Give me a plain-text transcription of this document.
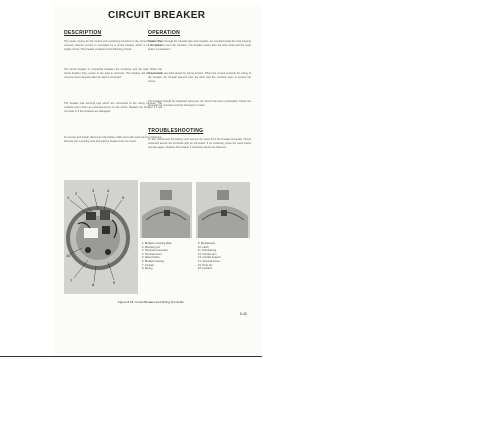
CIRCUIT BREAKER
DESCRIPTION

The power source for the control and monitoring functions is the circuit breaker. The recovery diverter current is controlled by a circuit breaker which is in the power supply circuit. The breaker contacts to the following circuits.

The circuit breaker is connected between the contactor and the load. When the circuit breaker trips, power to the load is removed. The breaker will trip open and must be reset manually after the fault is corrected.

The breaker has terminal lugs which are connected to the wiring harness. The contacts open when an overload occurs on the circuit. Replace the breaker if it will not reset or if the contacts are damaged.

To remove and install, disconnect the battery cable and mark each wire for reference. Remove the mounting nuts and pull the breaker from its mount.

OPERATION

Current flows through the bimetal strip and contacts. An overload heats the strip causing it to bend and open the contacts. The breaker resets after the strip cools and the reset button is pressed in.

The contacts are held closed by spring tension. When the current exceeds the rating of the breaker, the bimetal element trips the latch and the contacts open to protect the circuit.

The breaker should be inspected whenever the circuit has been overloaded. Check the terminals for corrosion and the housing for cracks.

TROUBLESHOOTING

To test, disconnect the battery and remove the wires from the breaker terminals. Check continuity across the terminals with an ohmmeter. If no continuity, press the reset button and test again. Replace the breaker if continuity cannot be obtained.

1
2
3	4
5
10
7
8	9
1. Breaker mounting plate
2. Mounting nut
3. Terminal connection
4. Terminal cover
5. Reset button
6. Breaker housing
7. Contact
8. Spring
9. Bimetal strip
10. Latch
11. Terminal lug
12. Contact arm
13. Contact support
14. Terminal screw
15. Pivot pin
16. Insulator
Figure 8-18. Circuit Breaker and Wiring Terminals
8-45
